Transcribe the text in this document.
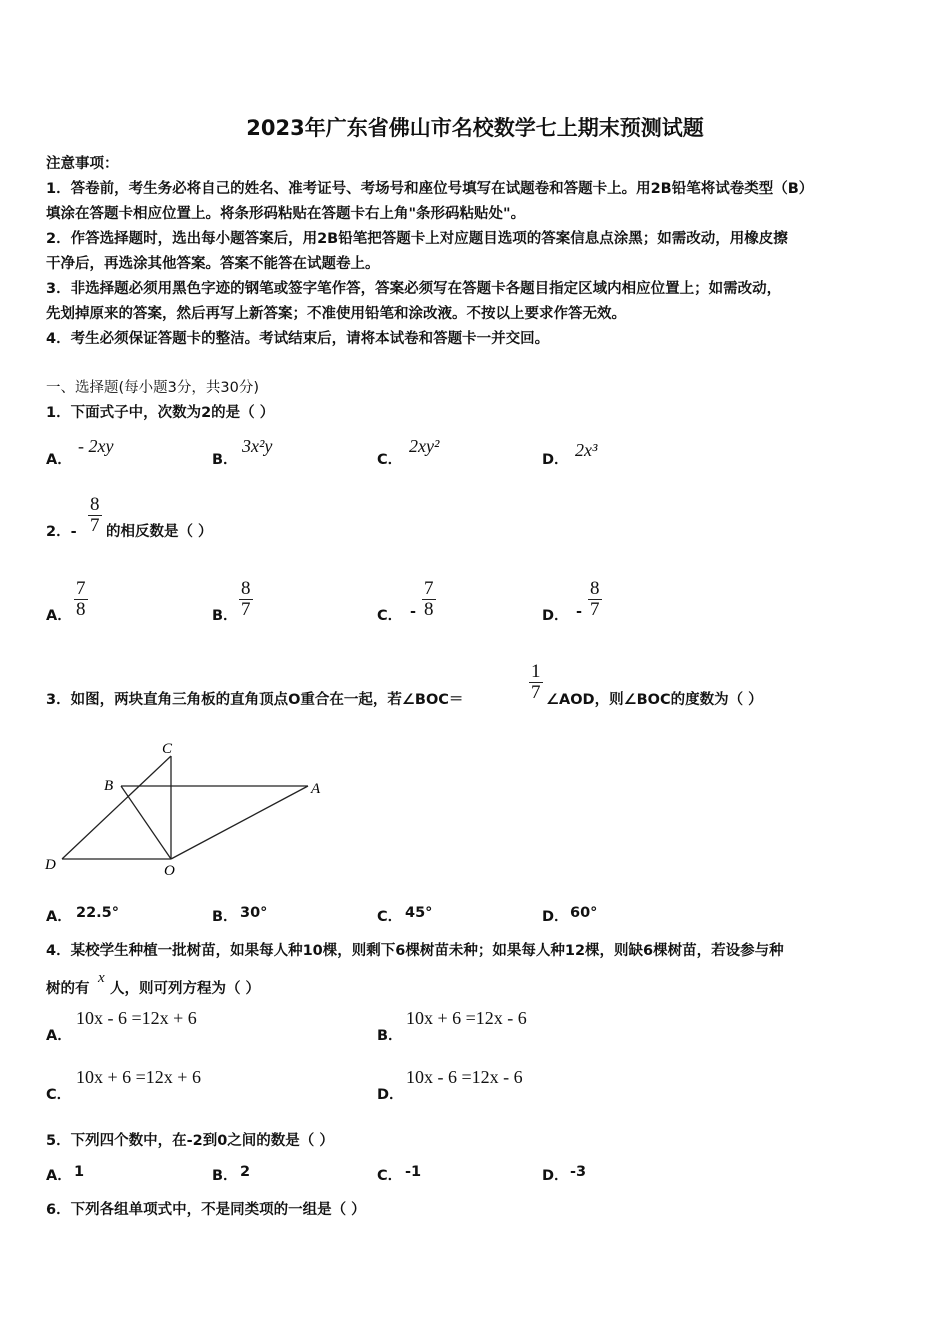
2023年广东省佛山市名校数学七上期末预测试题
注意事项：
1．答卷前，考生务必将自己的姓名、准考证号、考场号和座位号填写在试题卷和答题卡上。用2B铅笔将试卷类型（B）
填涂在答题卡相应位置上。将条形码粘贴在答题卡右上角"条形码粘贴处"。
2．作答选择题时，选出每小题答案后，用2B铅笔把答题卡上对应题目选项的答案信息点涂黑；如需改动，用橡皮擦
干净后，再选涂其他答案。答案不能答在试题卷上。
3．非选择题必须用黑色字迹的钢笔或签字笔作答，答案必须写在答题卡各题目指定区域内相应位置上；如需改动，
先划掉原来的答案，然后再写上新答案；不准使用铅笔和涂改液。不按以上要求作答无效。
4．考生必须保证答题卡的整洁。考试结束后，请将本试卷和答题卡一并交回。
一、选择题(每小题3分，共30分)
1．下面式子中，次数为2的是（ ）
A．
- 2xy
B．
3x²y
C．
2xy²
D． 2x³
2．- $\frac{8}{7}$ 的相反数是（ ）
A． $\frac{7}{8}$	B． $\frac{8}{7}$	C． - $\frac{7}{8}$	D． - $\frac{8}{7}$
3．如图，两块直角三角板的直角顶点O重合在一起，若∠BOC＝	$\frac{1}{7}$ ∠AOD，则∠BOC的度数为（ ）
C
B	A
D	O
A． 22.5°	B． 30°	C． 45°	D． 60°
4．某校学生种植一批树苗，如果每人种10棵，则剩下6棵树苗未种；如果每人种12棵，则缺6棵树苗，若设参与种
树的有
x
人，则可列方程为（ ）
A．
10x - 6 =12x + 6
B．
10x + 6 =12x - 6
C．
10x + 6 =12x + 6
D．
10x - 6 =12x - 6
5．下列四个数中，在-2到0之间的数是（ ）
A． 1	B． 2	C． -1	D． -3
6．下列各组单项式中，不是同类项的一组是（ ）
